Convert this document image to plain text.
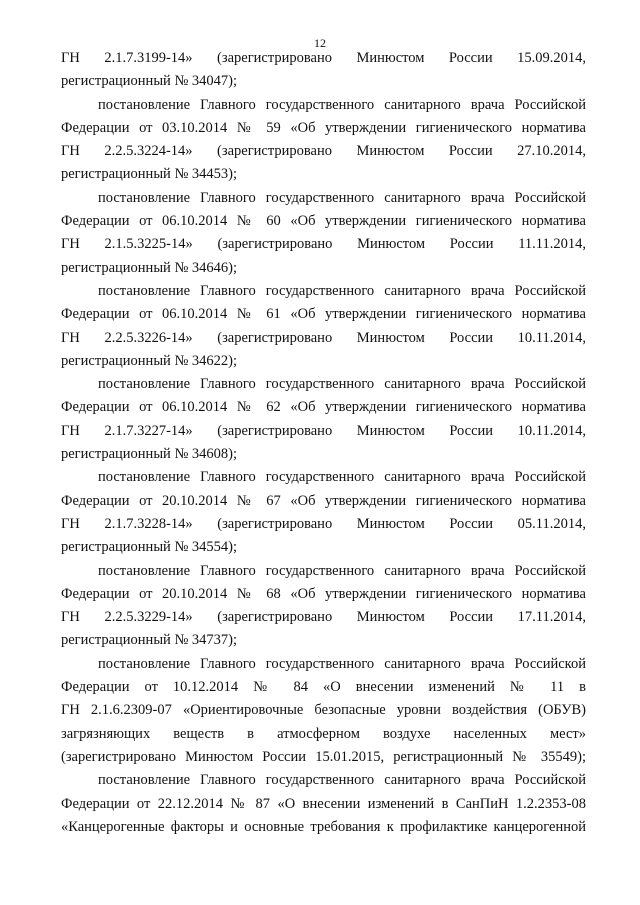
12
ГН 2.1.7.3199-14» (зарегистрировано Минюстом России 15.09.2014,
регистрационный № 34047);
постановление Главного государственного санитарного врача Российской
Федерации от 03.10.2014 № 59 «Об утверждении гигиенического норматива
ГН 2.2.5.3224-14» (зарегистрировано Минюстом России 27.10.2014,
регистрационный № 34453);
постановление Главного государственного санитарного врача Российской
Федерации от 06.10.2014 № 60 «Об утверждении гигиенического норматива
ГН 2.1.5.3225-14» (зарегистрировано Минюстом России 11.11.2014,
регистрационный № 34646);
постановление Главного государственного санитарного врача Российской
Федерации от 06.10.2014 № 61 «Об утверждении гигиенического норматива
ГН 2.2.5.3226-14» (зарегистрировано Минюстом России 10.11.2014,
регистрационный № 34622);
постановление Главного государственного санитарного врача Российской
Федерации от 06.10.2014 № 62 «Об утверждении гигиенического норматива
ГН 2.1.7.3227-14» (зарегистрировано Минюстом России 10.11.2014,
регистрационный № 34608);
постановление Главного государственного санитарного врача Российской
Федерации от 20.10.2014 № 67 «Об утверждении гигиенического норматива
ГН 2.1.7.3228-14» (зарегистрировано Минюстом России 05.11.2014,
регистрационный № 34554);
постановление Главного государственного санитарного врача Российской
Федерации от 20.10.2014 № 68 «Об утверждении гигиенического норматива
ГН 2.2.5.3229-14» (зарегистрировано Минюстом России 17.11.2014,
регистрационный № 34737);
постановление Главного государственного санитарного врача Российской
Федерации от 10.12.2014 № 84 «О внесении изменений № 11 в
ГН 2.1.6.2309-07 «Ориентировочные безопасные уровни воздействия (ОБУВ)
загрязняющих веществ в атмосферном воздухе населенных мест»
(зарегистрировано Минюстом России 15.01.2015, регистрационный № 35549);
постановление Главного государственного санитарного врача Российской
Федерации от 22.12.2014 № 87 «О внесении изменений в СанПиН 1.2.2353-08
«Канцерогенные факторы и основные требования к профилактике канцерогенной
